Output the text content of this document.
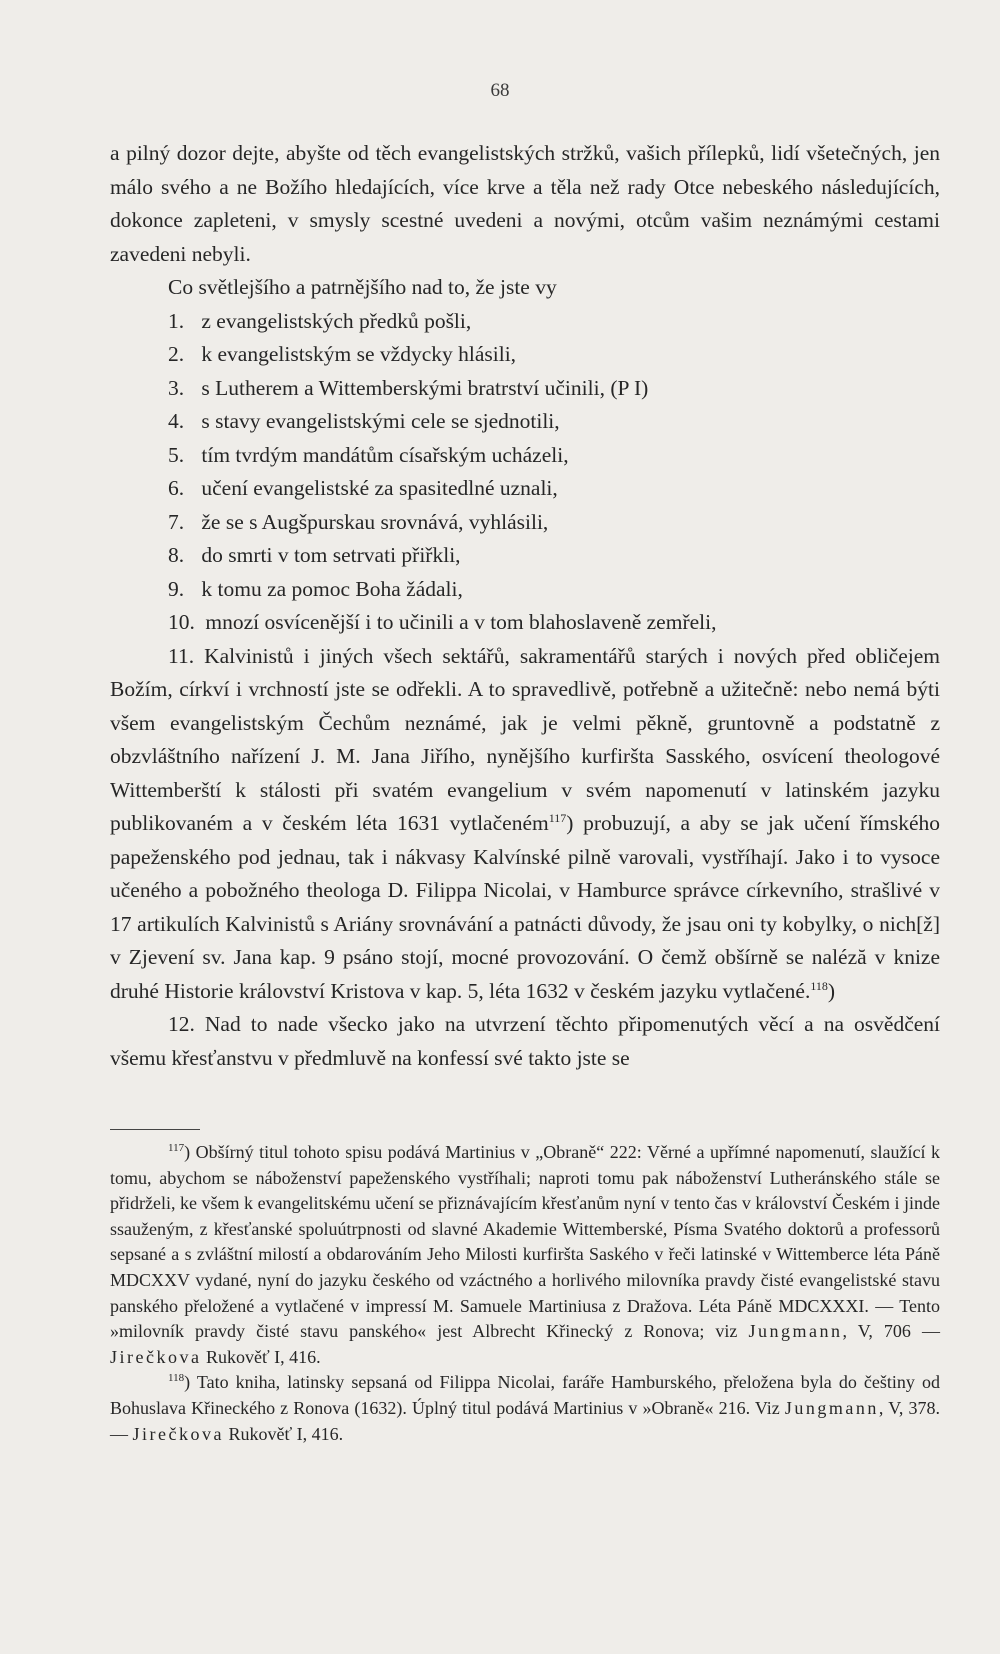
68

a pilný dozor dejte, abyšte od těch evangelistských stržků, vašich přílepků, lidí všetečných, jen málo svého a ne Božího hledajících, více krve a těla než rady Otce nebeského následujících, dokonce zapleteni, v smysly scestné uvedeni a novými, otcům vašim neznámými cestami zavedeni nebyli.

Co světlejšího a patrnějšího nad to, že jste vy

1. z evangelistských předků pošli,
2. k evangelistským se vždycky hlásili,
3. s Lutherem a Wittemberskými bratrství učinili, (P I)
4. s stavy evangelistskými cele se sjednotili,
5. tím tvrdým mandátům císařským ucházeli,
6. učení evangelistské za spasitedlné uznali,
7. že se s Augšpurskau srovnává, vyhlásili,
8. do smrti v tom setrvati přiřkli,
9. k tomu za pomoc Boha žádali,
10. mnozí osvícenější i to učinili a v tom blahoslaveně zemřeli,

11. Kalvinistů i jiných všech sektářů, sakramentářů starých i nových před obličejem Božím, církví i vrchností jste se odřekli. A to spravedlivě, potřebně a užitečně: nebo nemá býti všem evangelistským Čechům neznámé, jak je velmi pěkně, gruntovně a podstatně z obzvláštního nařízení J. M. Jana Jiřího, nynějšího kurfiršta Sasského, osvícení theologové Wittemberští k stálosti při svatém evangelium v svém napomenutí v latinském jazyku publikovaném a v českém léta 1631 vytlačeném$^{117}$) probuzují, a aby se jak učení římského papeženského pod jednau, tak i nákvasy Kalvínské pilně varovali, vystříhají. Jako i to vysoce učeného a pobožného theologa D. Filippa Nicolai, v Hamburce správce církevního, strašlivé v 17 artikulích Kalvinistů s Ariány srovnávání a patnácti důvody, že jsau oni ty kobylky, o nich[ž] v Zjevení sv. Jana kap. 9 psáno stojí, mocné provozování. O čemž obšírně se naléză v knize druhé Historie království Kristova v kap. 5, léta 1632 v českém jazyku vytlačené.$^{118}$)

12. Nad to nade všecko jako na utvrzení těchto připomenutých věcí a na osvědčení všemu křesťanstvu v předmluvě na konfessí své takto jste se

$^{117}$) Obšírný titul tohoto spisu podává Martinius v „Obraně“ 222: Věrné a upřímné napomenutí, slaužící k tomu, abychom se náboženství papeženského vystříhali; naproti tomu pak náboženství Lutheránského stále se přidrželi, ke všem k evangelitskému učení se přiznávajícím křesťanům nyní v tento čas v království Českém i jinde ssauženým, z křesťanské spoluútrpnosti od slavné Akademie Wittemberské, Písma Svatého doktorů a professorů sepsané a s zvláštní milostí a obdarováním Jeho Milosti kurfiršta Saského v řeči latinské v Wittemberce léta Páně MDCXXV vydané, nyní do jazyku českého od vzáctného a horlivého milovníka pravdy čisté evangelistské stavu panského přeložené a vytlačené v impressí M. Samuele Martiniusa z Dražova. Léta Páně MDCXXXI. — Tento »milovník pravdy čisté stavu panského« jest Albrecht Křinecký z Ronova; viz Jungmann, V, 706 — Jirečkova Rukověť I, 416.

$^{118}$) Tato kniha, latinsky sepsaná od Filippa Nicolai, faráře Hamburského, přeložena byla do češtiny od Bohuslava Křineckého z Ronova (1632). Úplný titul podává Martinius v »Obraně« 216. Viz Jungmann, V, 378. — Jirečkova Rukověť I, 416.
